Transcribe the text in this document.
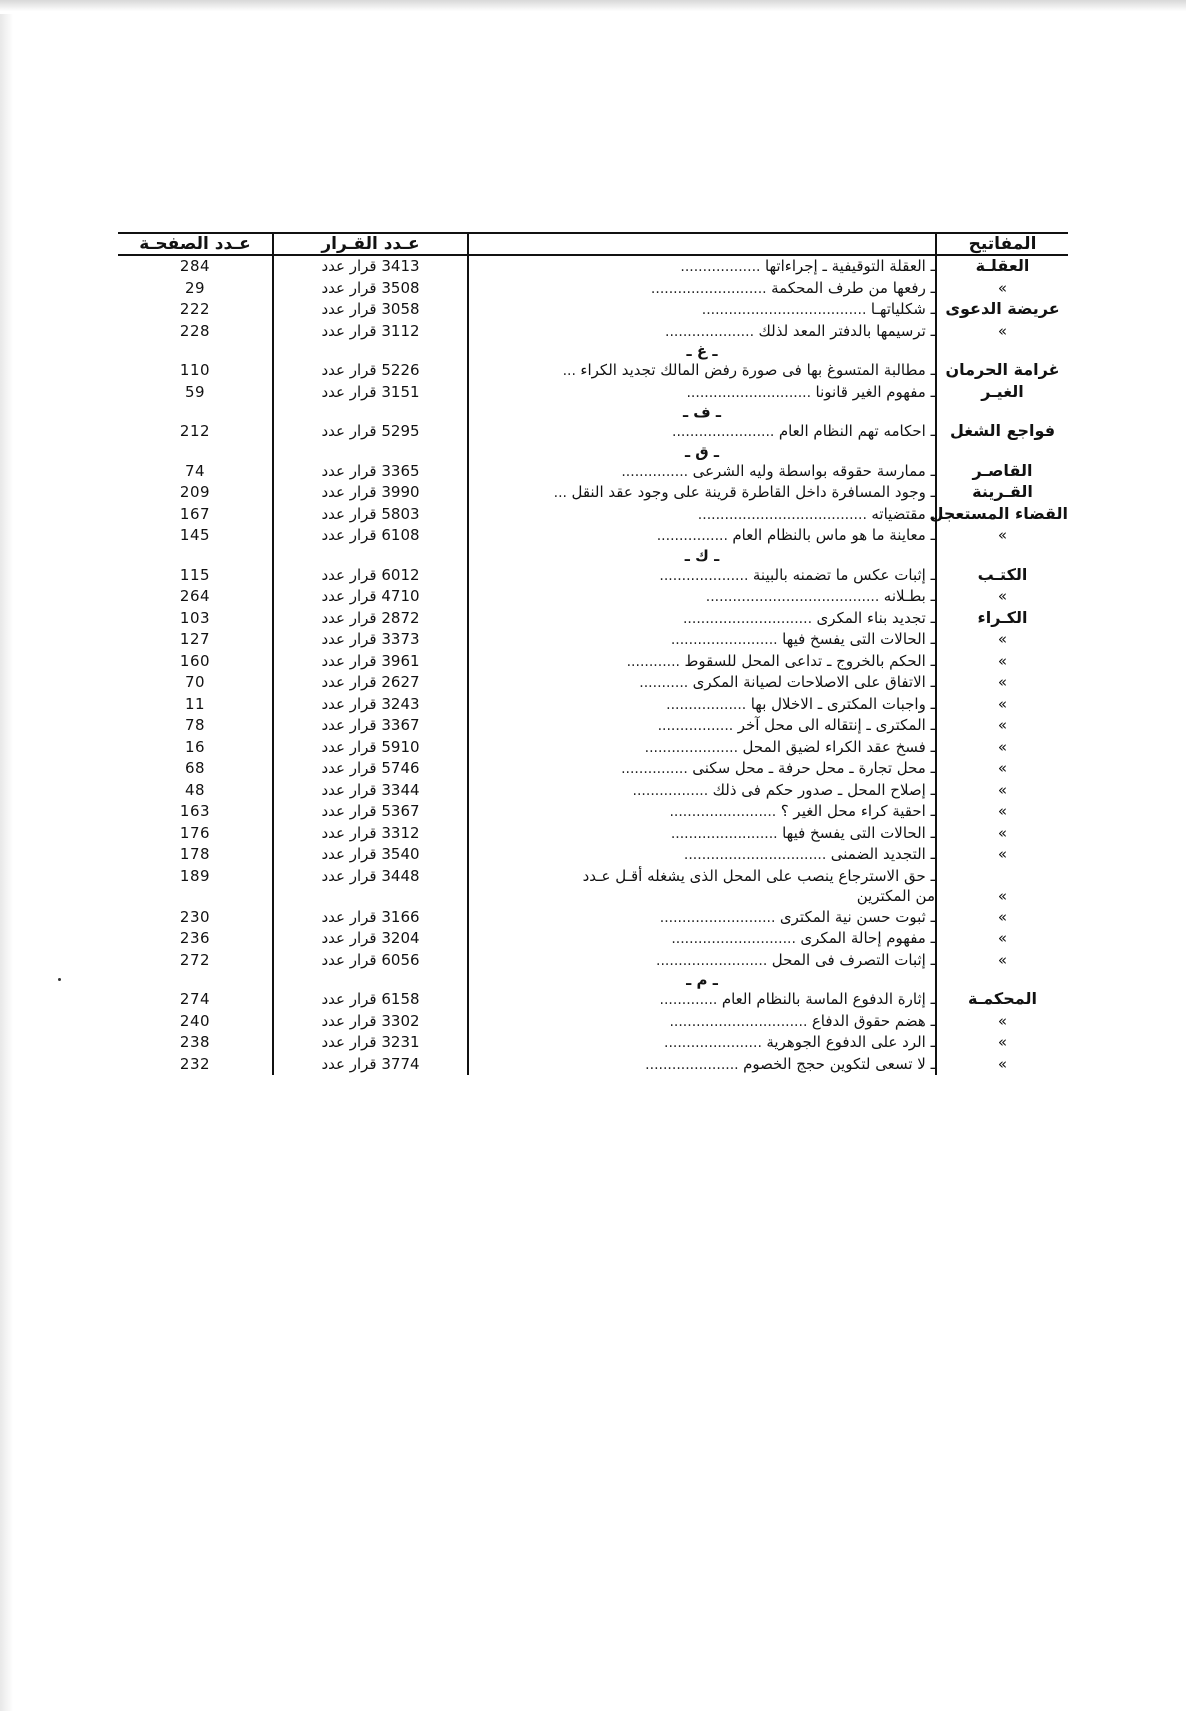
المفاتيح		عـدد القـرار	عـدد الصفحـة
العقلـة	ـ العقلة التوقيفية ـ إجراءاتها ..................	3413 قرار عدد	284
»	ـ رفعها من طرف المحكمة ..........................	3508 قرار عدد	29
عريضة الدعوى	ـ شكلياتهـا .....................................	3058 قرار عدد	222
»	ـ ترسيمها بالدفتر المعد لذلك ....................	3112 قرار عدد	228
	ـ غ ـ		
غرامة الحرمان	ـ مطالبة المتسوغ بها فى صورة رفض المالك تجديد الكراء ...	5226 قرار عدد	110
الغيـر	ـ مفهوم الغير قانونا ............................	3151 قرار عدد	59
	ـ ف ـ		
فواجع الشغل	ـ احكامه تهم النظام العام .......................	5295 قرار عدد	212
	ـ ق ـ		
القاصـر	ـ ممارسة حقوقه بواسطة وليه الشرعى ...............	3365 قرار عدد	74
القـرينة	ـ وجود المسافرة داخل القاطرة قرينة على وجود عقد النقل ...	3990 قرار عدد	209
القضاء المستعجل	ـ مقتضياته ......................................	5803 قرار عدد	167
»	ـ معاينة ما هو ماس بالنظام العام ................	6108 قرار عدد	145
	ـ ك ـ		
الكتـب	ـ إثبات عكس ما تضمنه بالبينة ....................	6012 قرار عدد	115
»	ـ بطـلانه .......................................	4710 قرار عدد	264
الكـراء	ـ تجديد بناء المكرى .............................	2872 قرار عدد	103
»	ـ الحالات التى يفسخ فيها ........................	3373 قرار عدد	127
»	ـ الحكم بالخروج ـ تداعى المحل للسقوط ............	3961 قرار عدد	160
»	ـ الاتفاق على الاصلاحات لصيانة المكرى ...........	2627 قرار عدد	70
»	ـ واجبات المكترى ـ الاخلال بها ..................	3243 قرار عدد	11
»	ـ المكترى ـ إنتقاله الى محل آخر .................	3367 قرار عدد	78
»	ـ فسخ عقد الكراء لضيق المحل .....................	5910 قرار عدد	16
»	ـ محل تجارة ـ محل حرفة ـ محل سكنى ...............	5746 قرار عدد	68
»	ـ إصلاح المحل ـ صدور حكم فى ذلك .................	3344 قرار عدد	48
»	ـ احقية كراء محل الغير ؟ ........................	5367 قرار عدد	163
»	ـ الحالات التى يفسخ فيها ........................	3312 قرار عدد	176
»	ـ التجديد الضمنى ................................	3540 قرار عدد	178
	ـ حق الاسترجاع ينصب على المحل الذى يشغله أقـل عـدد	3448 قرار عدد	189
»	من المكترين		
»	ـ ثبوت حسن نية المكترى ..........................	3166 قرار عدد	230
»	ـ مفهوم إحالة المكرى ............................	3204 قرار عدد	236
»	ـ إثبات التصرف فى المحل .........................	6056 قرار عدد	272
	ـ م ـ		
المحكمـة	ـ إثارة الدفوع الماسة بالنظام العام .............	6158 قرار عدد	274
»	ـ هضم حقوق الدفاع ...............................	3302 قرار عدد	240
»	ـ الرد على الدفوع الجوهرية ......................	3231 قرار عدد	238
»	ـ لا تسعى لتكوين حجج الخصوم .....................	3774 قرار عدد	232
